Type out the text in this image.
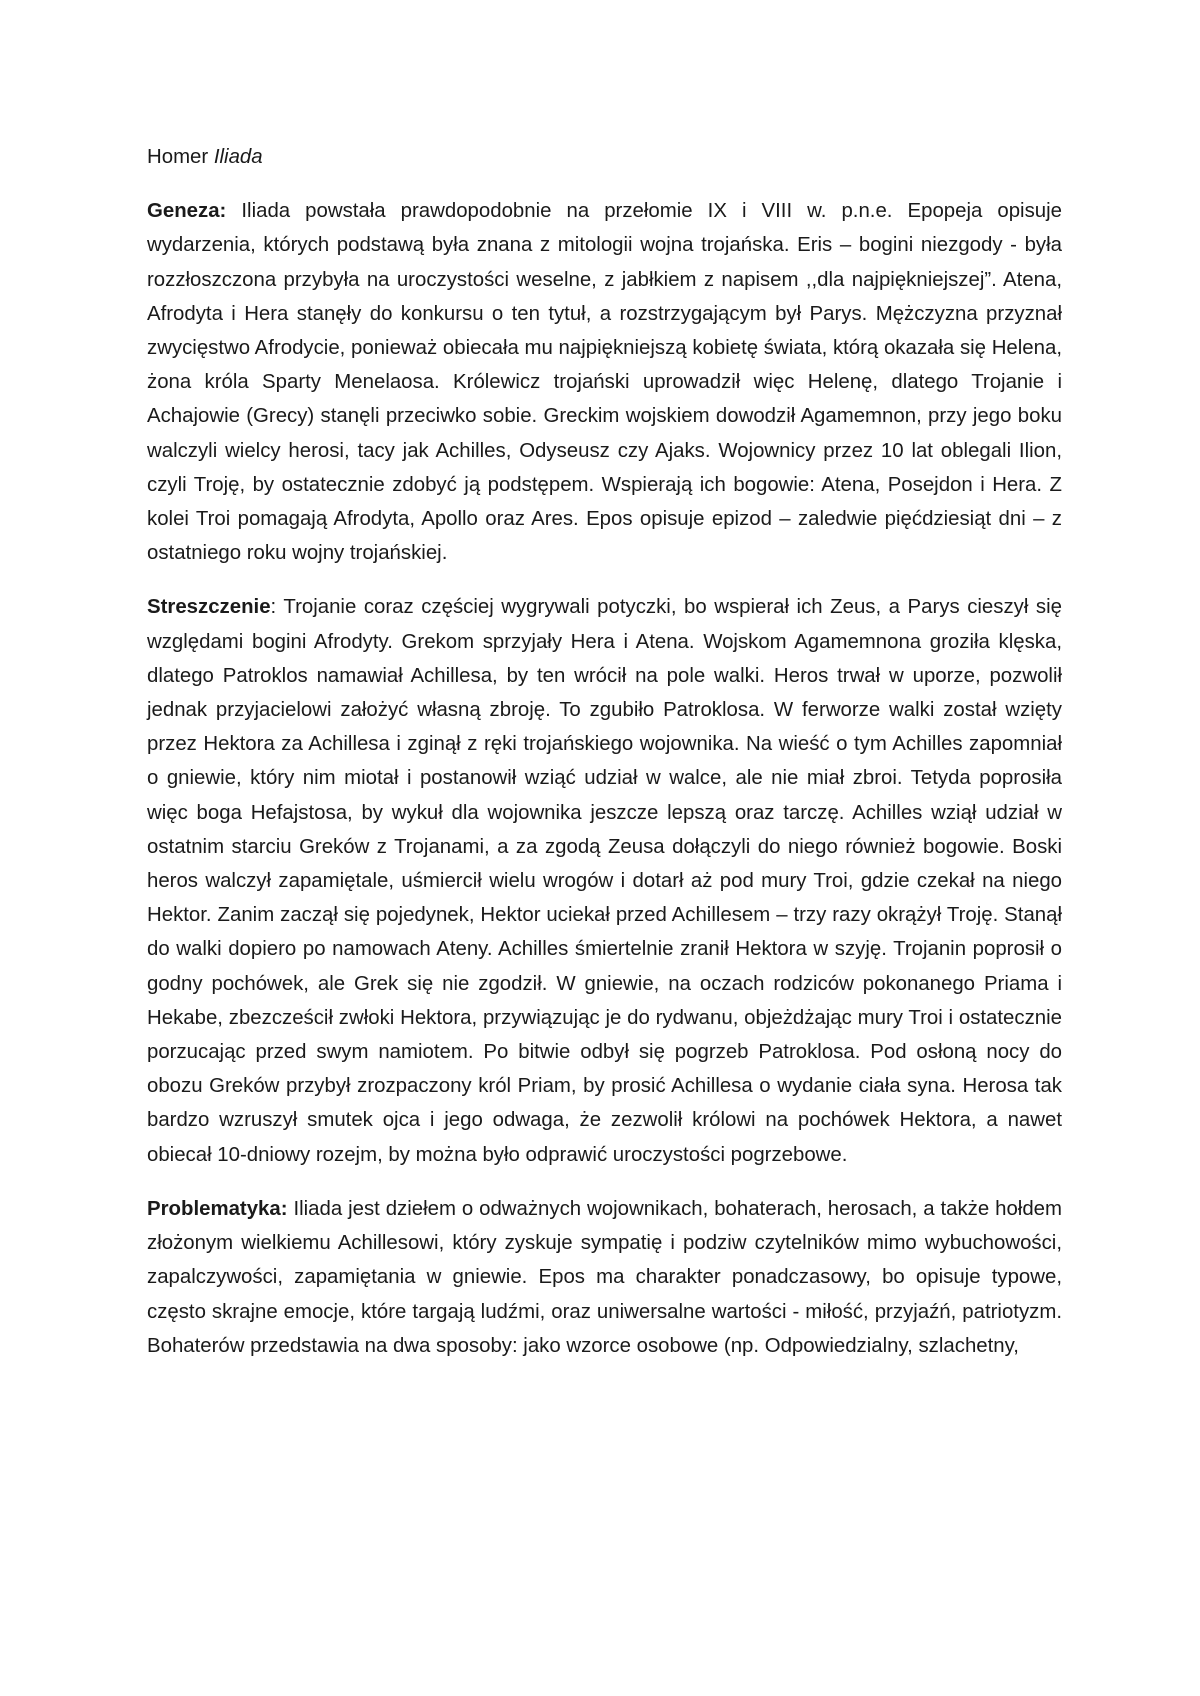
Homer Iliada

Geneza: Iliada powstała prawdopodobnie na przełomie IX i VIII w. p.n.e. Epopeja opisuje wydarzenia, których podstawą była znana z mitologii wojna trojańska. Eris – bogini niezgody - była rozzłoszczona przybyła na uroczystości weselne, z jabłkiem z napisem ,,dla najpiękniejszej”. Atena, Afrodyta i Hera stanęły do konkursu o ten tytuł, a rozstrzygającym był Parys. Mężczyzna przyznał zwycięstwo Afrodycie, ponieważ obiecała mu najpiękniejszą kobietę świata, którą okazała się Helena, żona króla Sparty Menelaosa. Królewicz trojański uprowadził więc Helenę, dlatego Trojanie i Achajowie (Grecy) stanęli przeciwko sobie. Greckim wojskiem dowodził Agamemnon, przy jego boku walczyli wielcy herosi, tacy jak Achilles, Odyseusz czy Ajaks. Wojownicy przez 10 lat oblegali Ilion, czyli Troję, by ostatecznie zdobyć ją podstępem. Wspierają ich bogowie: Atena, Posejdon i Hera. Z kolei Troi pomagają Afrodyta, Apollo oraz Ares. Epos opisuje epizod – zaledwie pięćdziesiąt dni – z ostatniego roku wojny trojańskiej.

Streszczenie: Trojanie coraz częściej wygrywali potyczki, bo wspierał ich Zeus, a Parys cieszył się względami bogini Afrodyty. Grekom sprzyjały Hera i Atena. Wojskom Agamemnona groziła klęska, dlatego Patroklos namawiał Achillesa, by ten wrócił na pole walki. Heros trwał w uporze, pozwolił jednak przyjacielowi założyć własną zbroję. To zgubiło Patroklosa. W ferworze walki został wzięty przez Hektora za Achillesa i zginął z ręki trojańskiego wojownika. Na wieść o tym Achilles zapomniał o gniewie, który nim miotał i postanowił wziąć udział w walce, ale nie miał zbroi. Tetyda poprosiła więc boga Hefajstosa, by wykuł dla wojownika jeszcze lepszą oraz tarczę. Achilles wziął udział w ostatnim starciu Greków z Trojanami, a za zgodą Zeusa dołączyli do niego również bogowie. Boski heros walczył zapamiętale, uśmiercił wielu wrogów i dotarł aż pod mury Troi, gdzie czekał na niego Hektor. Zanim zaczął się pojedynek, Hektor uciekał przed Achillesem – trzy razy okrążył Troję. Stanął do walki dopiero po namowach Ateny. Achilles śmiertelnie zranił Hektora w szyję. Trojanin poprosił o godny pochówek, ale Grek się nie zgodził. W gniewie, na oczach rodziców pokonanego Priama i Hekabe, zbezcześcił zwłoki Hektora, przywiązując je do rydwanu, objeżdżając mury Troi i ostatecznie porzucając przed swym namiotem. Po bitwie odbył się pogrzeb Patroklosa. Pod osłoną nocy do obozu Greków przybył zrozpaczony król Priam, by prosić Achillesa o wydanie ciała syna. Herosa tak bardzo wzruszył smutek ojca i jego odwaga, że zezwolił królowi na pochówek Hektora, a nawet obiecał 10-dniowy rozejm, by można było odprawić uroczystości pogrzebowe.

Problematyka: Iliada jest dziełem o odważnych wojownikach, bohaterach, herosach, a także hołdem złożonym wielkiemu Achillesowi, który zyskuje sympatię i podziw czytelników mimo wybuchowości, zapalczywości, zapamiętania w gniewie. Epos ma charakter ponadczasowy, bo opisuje typowe, często skrajne emocje, które targają ludźmi, oraz uniwersalne wartości - miłość, przyjaźń, patriotyzm. Bohaterów przedstawia na dwa sposoby: jako wzorce osobowe (np. Odpowiedzialny, szlachetny,
